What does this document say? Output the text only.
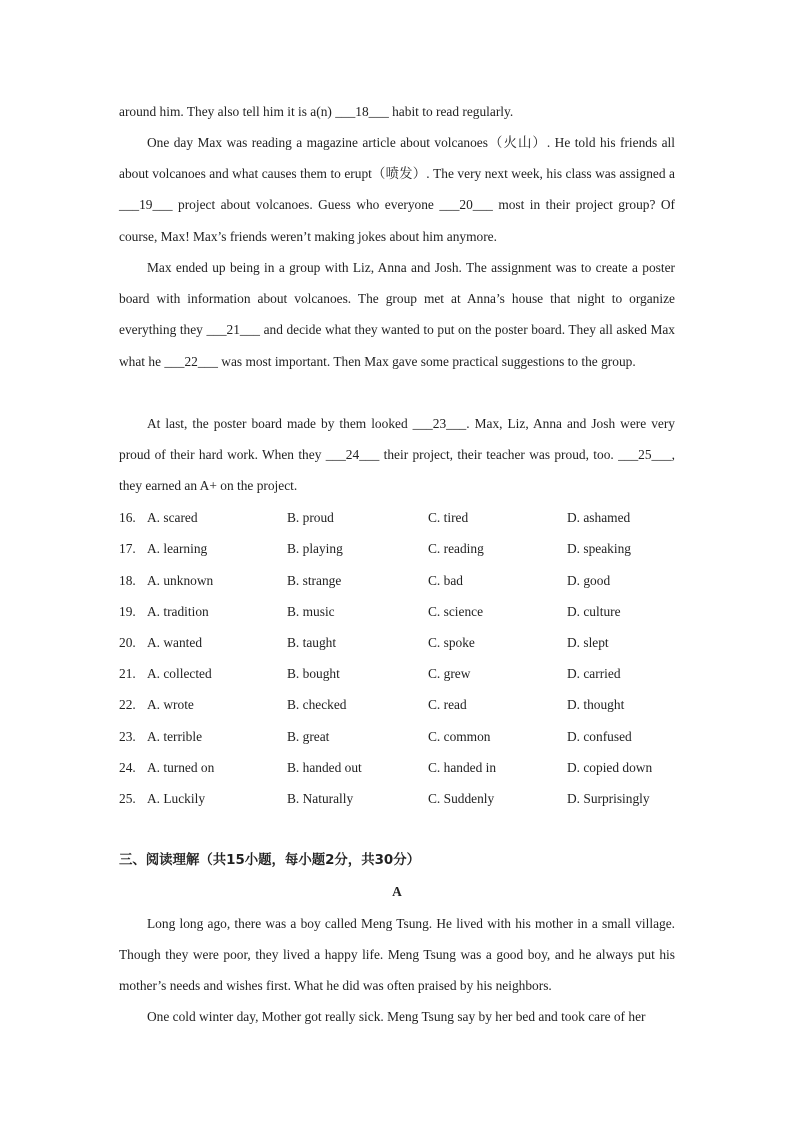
around him. They also tell him it is a(n) ___18___ habit to read regularly.

One day Max was reading a magazine article about volcanoes（火山）. He told his friends all about volcanoes and what causes them to erupt（喷发）. The very next week, his class was assigned a ___19___ project about volcanoes. Guess who everyone ___20___ most in their project group? Of course, Max! Max’s friends weren’t making jokes about him anymore.

Max ended up being in a group with Liz, Anna and Josh. The assignment was to create a poster board with information about volcanoes. The group met at Anna’s house that night to organize everything they ___21___ and decide what they wanted to put on the poster board. They all asked Max what he ___22___ was most important. Then Max gave some practical suggestions to the group.

At last, the poster board made by them looked ___23___. Max, Liz, Anna and Josh were very proud of their hard work. When they ___24___ their project, their teacher was proud, too. ___25___, they earned an A+ on the project.

16. A. scared	B. proud	C. tired	D. ashamed
17. A. learning	B. playing	C. reading	D. speaking
18. A. unknown	B. strange	C. bad	D. good
19. A. tradition	B. music	C. science	D. culture
20. A. wanted	B. taught	C. spoke	D. slept
21. A. collected	B. bought	C. grew	D. carried
22. A. wrote	B. checked	C. read	D. thought
23. A. terrible	B. great	C. common	D. confused
24. A. turned on	B. handed out	C. handed in	D. copied down
25. A. Luckily	B. Naturally	C. Suddenly	D. Surprisingly
三、阅读理解（共15小题，每小题2分，共30分）
A

Long long ago, there was a boy called Meng Tsung. He lived with his mother in a small village. Though they were poor, they lived a happy life. Meng Tsung was a good boy, and he always put his mother’s needs and wishes first. What he did was often praised by his neighbors.

One cold winter day, Mother got really sick. Meng Tsung say by her bed and took care of her
